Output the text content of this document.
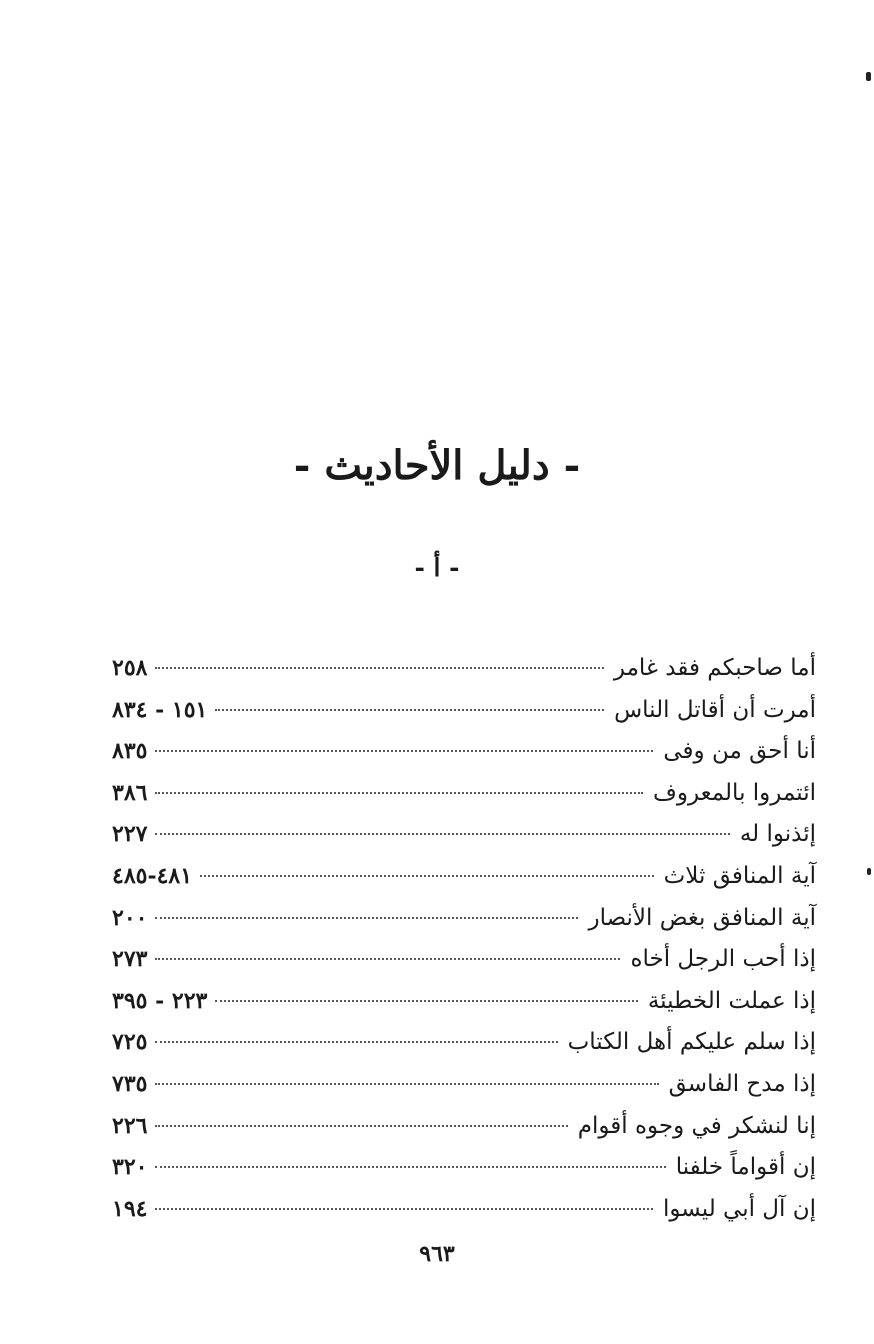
- دليل الأحاديث -
- أ -
أما صاحبكم فقد غامر
٢٥٨
أمرت أن أقاتل الناس
١٥١ - ٨٣٤
أنا أحق من وفى
٨٣٥
ائتمروا بالمعروف
٣٨٦
إئذنوا له
٢٢٧
آية المنافق ثلاث
٤٨١-٤٨٥
آية المنافق بغض الأنصار
٢٠٠
إذا أحب الرجل أخاه
٢٧٣
إذا عملت الخطيئة
٢٢٣ - ٣٩٥
إذا سلم عليكم أهل الكتاب
٧٢٥
إذا مدح الفاسق
٧٣٥
إنا لنشكر في وجوه أقوام
٢٢٦
إن أقواماً خلفنا
٣٢٠
إن آل أبي ليسوا
١٩٤
٩٦٣
